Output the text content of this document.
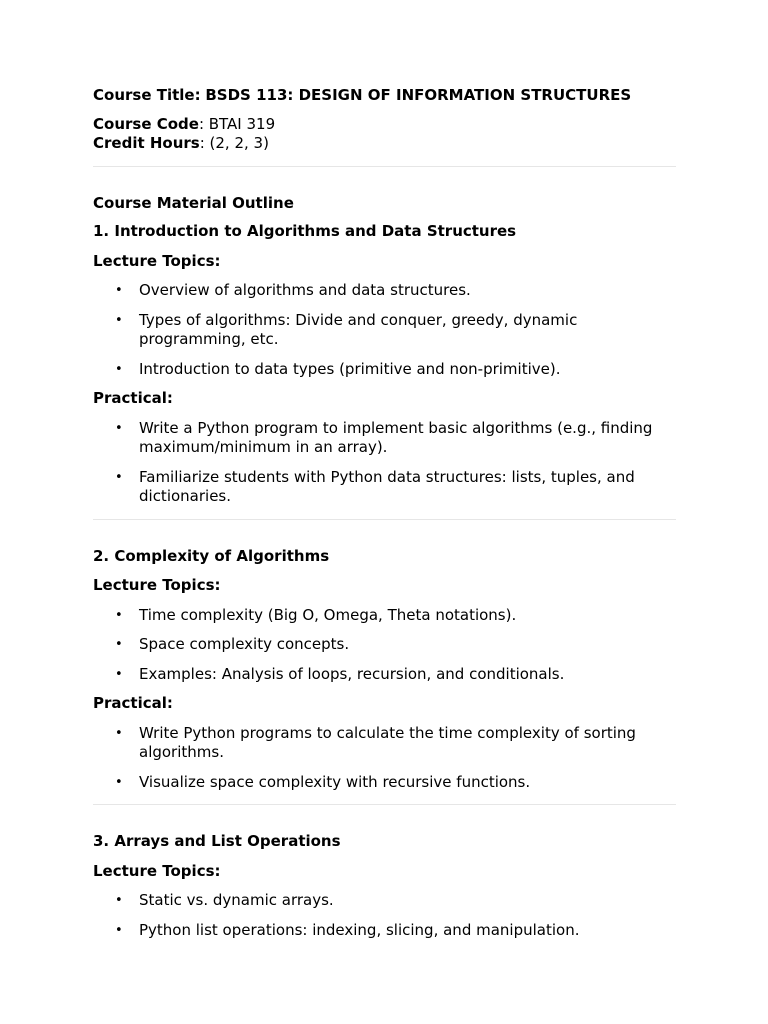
Course Title: BSDS 113: DESIGN OF INFORMATION STRUCTURES
Course Code: BTAI 319
Credit Hours: (2, 2, 3)
Course Material Outline
1. Introduction to Algorithms and Data Structures
Lecture Topics:
• Overview of algorithms and data structures.
• Types of algorithms: Divide and conquer, greedy, dynamic
programming, etc.
• Introduction to data types (primitive and non-primitive).
Practical:
• Write a Python program to implement basic algorithms (e.g., finding
maximum/minimum in an array).
• Familiarize students with Python data structures: lists, tuples, and
dictionaries.
2. Complexity of Algorithms
Lecture Topics:
• Time complexity (Big O, Omega, Theta notations).
• Space complexity concepts.
• Examples: Analysis of loops, recursion, and conditionals.
Practical:
• Write Python programs to calculate the time complexity of sorting
algorithms.
• Visualize space complexity with recursive functions.
3. Arrays and List Operations
Lecture Topics:
• Static vs. dynamic arrays.
• Python list operations: indexing, slicing, and manipulation.
